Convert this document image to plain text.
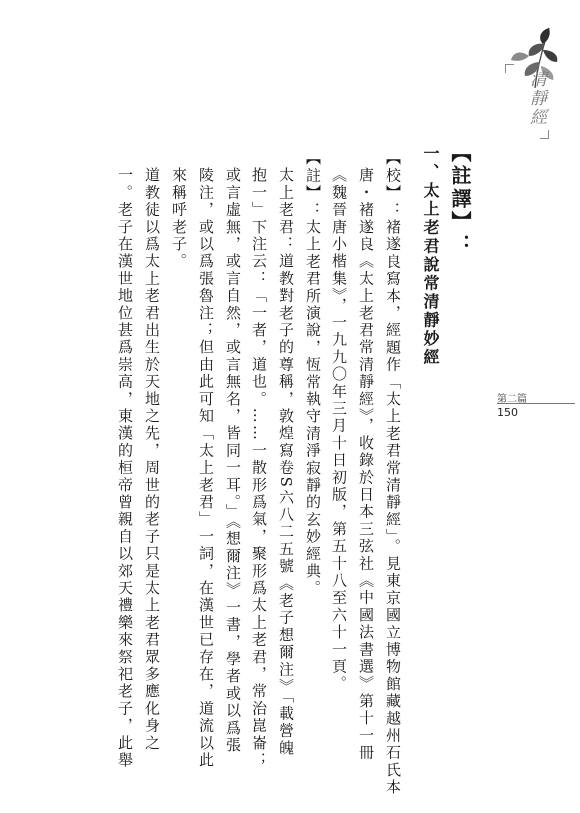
清靜經
第二篇
150
【註譯】：
一、太上老君說常清靜妙經
【校】：褚遂良寫本，經題作「太上老君常清靜經」。見東京國立博物館藏越州石氏本
唐・褚遂良《太上老君常清靜經》，收錄於日本三弦社《中國法書選》第十一冊
《魏晉唐小楷集》，一九九〇年三月十日初版，第五十八至六十一頁。
【註】：太上老君所演說，恆常執守清淨寂靜的玄妙經典。
太上老君：道教對老子的尊稱，敦煌寫卷S六八二五號《老子想爾注》「載營魄
抱一」下注云：「一者，道也。……一散形爲氣，聚形爲太上老君，常治崑崙；
或言虛無，或言自然，或言無名，皆同一耳。」《想爾注》一書，學者或以爲張
陵注，或以爲張魯注；但由此可知「太上老君」一詞，在漢世已存在，道流以此
來稱呼老子。
道教徒以爲太上老君出生於天地之先，周世的老子只是太上老君眾多應化身之
一。老子在漢世地位甚爲崇高，東漢的桓帝曾親自以郊天禮樂來祭祀老子，此舉
